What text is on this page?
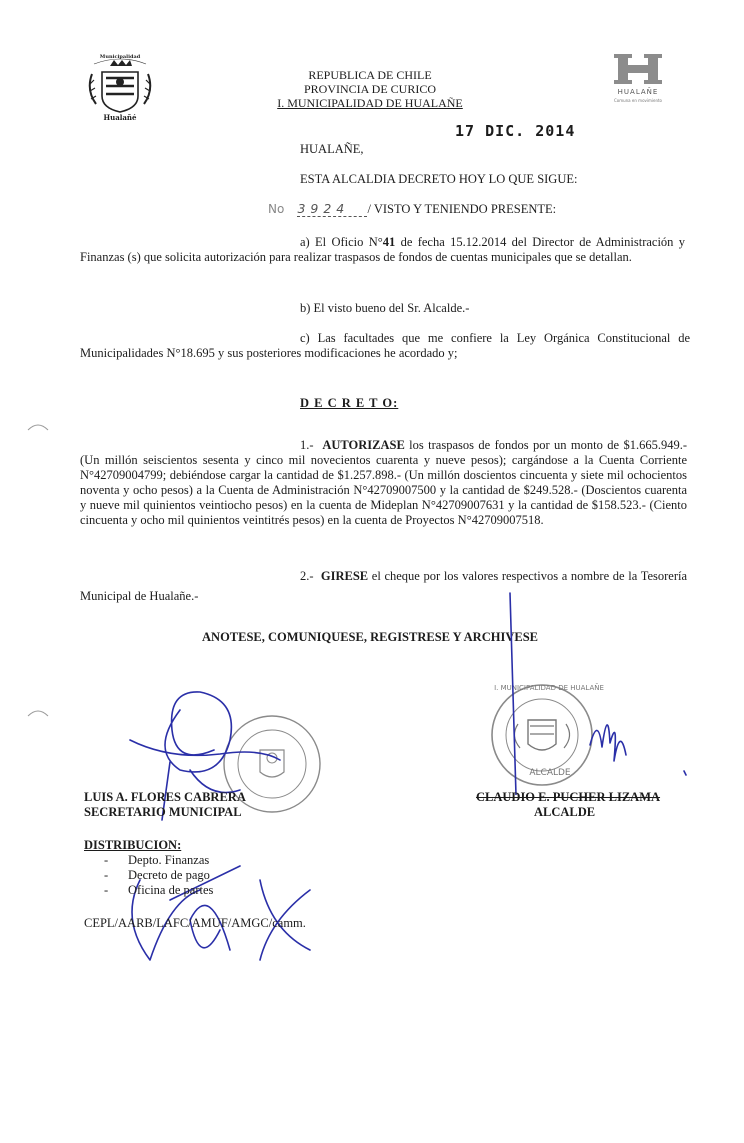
Municipalidad
Hualañé
HUALAÑE
Comuna en movimiento
REPUBLICA DE CHILE
PROVINCIA DE CURICO
I. MUNICIPALIDAD DE HUALAÑE
17 DIC. 2014
HUALAÑE,
ESTA ALCALDIA DECRETO HOY LO QUE SIGUE:
No 3924 / VISTO Y TENIENDO PRESENTE:
a) El Oficio N°41 de fecha 15.12.2014 del Director de Administración y Finanzas (s) que solicita autorización para realizar traspasos de fondos de cuentas municipales que se detallan.
b) El visto bueno del Sr. Alcalde.-
c) Las facultades que me confiere la Ley Orgánica Constitucional de Municipalidades N°18.695 y sus posteriores modificaciones he acordado y;
D E C R E T O:
1.- AUTORIZASE los traspasos de fondos por un monto de $1.665.949.- (Un millón seiscientos sesenta y cinco mil novecientos cuarenta y nueve pesos); cargándose a la Cuenta Corriente N°42709004799; debiéndose cargar la cantidad de $1.257.898.- (Un millón doscientos cincuenta y siete mil ochocientos noventa y ocho pesos) a la Cuenta de Administración N°42709007500 y la cantidad de $249.528.- (Doscientos cuarenta y nueve mil quinientos veintiocho pesos) en la cuenta de Mideplan N°42709007631 y la cantidad de $158.523.- (Ciento cincuenta y ocho mil quinientos veintitrés pesos) en la cuenta de Proyectos N°42709007518.
2.- GIRESE el cheque por los valores respectivos a nombre de la Tesorería Municipal de Hualañe.-
ANOTESE, COMUNIQUESE, REGISTRESE Y ARCHIVESE
I. MUNICIPALIDAD DE HUALAÑE
ALCALDE
LUIS A. FLORES CABRERA
SECRETARIO MUNICIPAL
CLAUDIO E. PUCHER LIZAMA
ALCALDE
DISTRIBUCION:
- Depto. Finanzas
- Decreto de pago
- Oficina de partes
CEPL/AARB/LAFC/AMUF/AMGC/camm.
